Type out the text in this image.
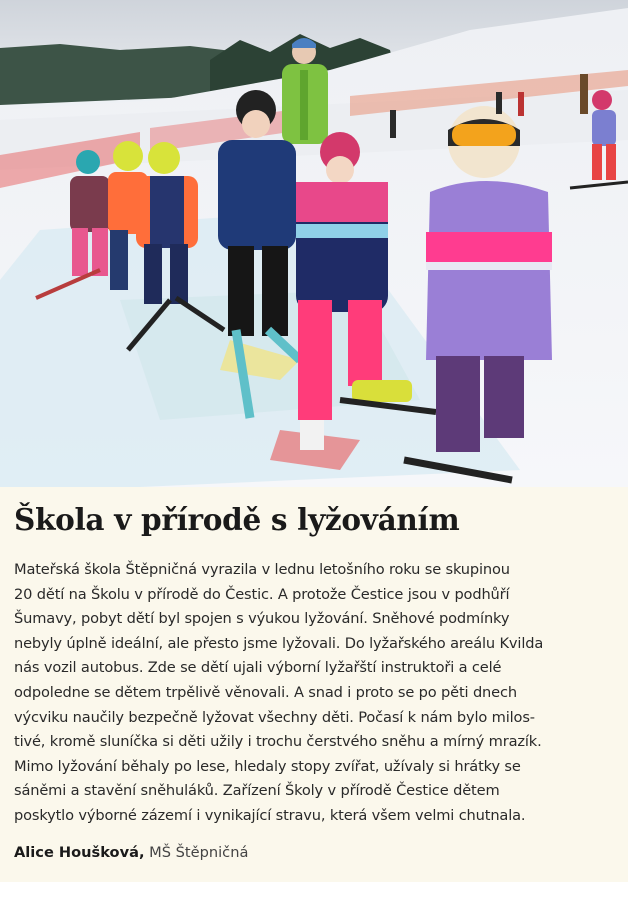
Škola v přírodě s lyžováním

Mateřská škola Štěpničná vyrazila v lednu letošního roku se skupinou
20 dětí na Školu v přírodě do Čestic. A protože Čestice jsou v podhůří
Šumavy, pobyt dětí byl spojen s výukou lyžování. Sněhové podmínky
nebyly úplně ideální, ale přesto jsme lyžovali. Do lyžařského areálu Kvilda
nás vozil autobus. Zde se dětí ujali výborní lyžařští instruktoři a celé
odpoledne se dětem trpělivě věnovali. A snad i proto se po pěti dnech
výcviku naučily bezpečně lyžovat všechny děti. Počasí k nám bylo milos-
tivé, kromě sluníčka si děti užily i trochu čerstvého sněhu a mírný mrazík.
Mimo lyžování běhaly po lese, hledaly stopy zvířat, užívaly si hrátky se
sáněmi a stavění sněhuláků. Zařízení Školy v přírodě Čestice dětem
poskytlo výborné zázemí i vynikající stravu, která všem velmi chutnala.

Alice Houšková, MŠ Štěpničná
